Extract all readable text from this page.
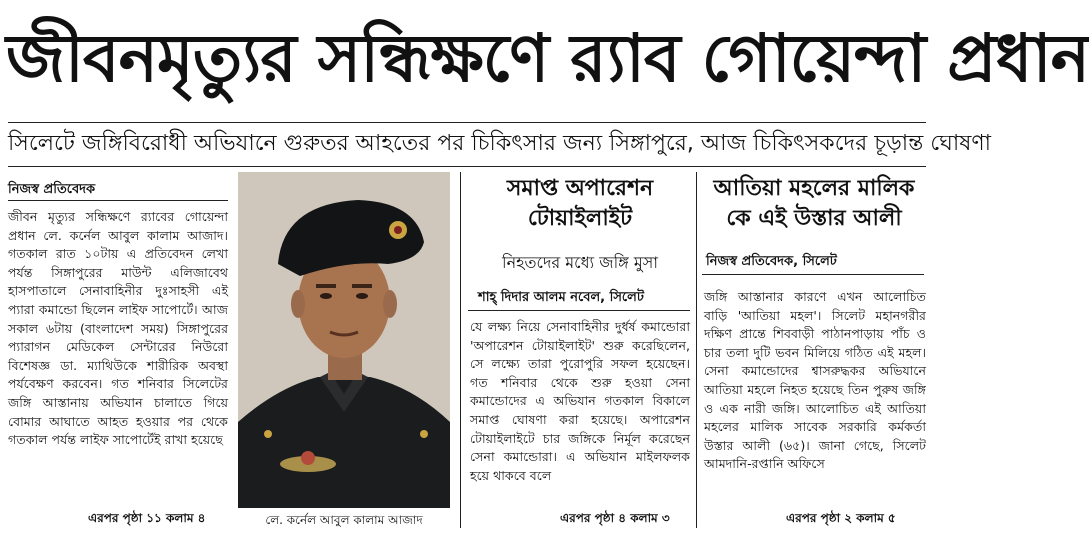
জীবনমৃত্যুর সন্ধিক্ষণে র‍্যাব গোয়েন্দা প্রধান
সিলেটে জঙ্গিবিরোধী অভিযানে গুরুতর আহতের পর চিকিৎসার জন্য সিঙ্গাপুরে, আজ চিকিৎসকদের চূড়ান্ত ঘোষণা
নিজস্ব প্রতিবেদক
জীবন মৃত্যুর সন্ধিক্ষণে র‍্যাবের গোয়েন্দা প্রধান লে. কর্নেল আবুল কালাম আজাদ। গতকাল রাত ১০টায় এ প্রতিবেদন লেখা পর্যন্ত সিঙ্গাপুরের মাউন্ট এলিজাবেথ হাসপাতালে সেনাবাহিনীর দুঃসাহসী এই প্যারা কমান্ডো ছিলেন লাইফ সাপোর্টে। আজ সকাল ৬টায় (বাংলাদেশ সময়) সিঙ্গাপুরের প্যারাগন মেডিকেল সেন্টারের নিউরো বিশেষজ্ঞ ডা. ম্যাথিউকে শারীরিক অবস্থা পর্যবেক্ষণ করবেন। গত শনিবার সিলেটের জঙ্গি আস্তানায় অভিযান চালাতে গিয়ে বোমার আঘাতে আহত হওয়ার পর থেকে গতকাল পর্যন্ত লাইফ সাপোর্টেই রাখা হয়েছে
এরপর পৃষ্ঠা ১১ কলাম ৪	লে. কর্নেল আবুল কালাম আজাদ
সমাপ্ত অপারেশন টোয়াইলাইট
নিহতদের মধ্যে জঙ্গি মুসা
শাহ্ দিদার আলম নবেল, সিলেট
যে লক্ষ্য নিয়ে সেনাবাহিনীর দুর্ধর্ষ কমান্ডোরা 'অপারেশন টোয়াইলাইট' শুরু করেছিলেন, সে লক্ষ্যে তারা পুরোপুরি সফল হয়েছেন। গত শনিবার থেকে শুরু হওয়া সেনা কমান্ডোদের এ অভিযান গতকাল বিকালে সমাপ্ত ঘোষণা করা হয়েছে। অপারেশন টোয়াইলাইটে চার জঙ্গিকে নির্মূল করেছেন সেনা কমান্ডোরা। এ অভিযান মাইলফলক হয়ে থাকবে বলে
এরপর পৃষ্ঠা ৪ কলাম ৩
আতিয়া মহলের মালিক কে এই উস্তার আলী
নিজস্ব প্রতিবেদক, সিলেট
জঙ্গি আস্তানার কারণে এখন আলোচিত বাড়ি 'আতিয়া মহল'। সিলেট মহানগরীর দক্ষিণ প্রান্তে শিববাড়ী পাঠানপাড়ায় পাঁচ ও চার তলা দুটি ভবন মিলিয়ে গঠিত এই মহল। সেনা কমান্ডোদের শ্বাসরুদ্ধকর অভিযানে আতিয়া মহলে নিহত হয়েছে তিন পুরুষ জঙ্গি ও এক নারী জঙ্গি। আলোচিত এই আতিয়া মহলের মালিক সাবেক সরকারি কর্মকর্তা উস্তার আলী (৬৫)। জানা গেছে, সিলেট আমদানি-রপ্তানি অফিসে
এরপর পৃষ্ঠা ২ কলাম ৫
